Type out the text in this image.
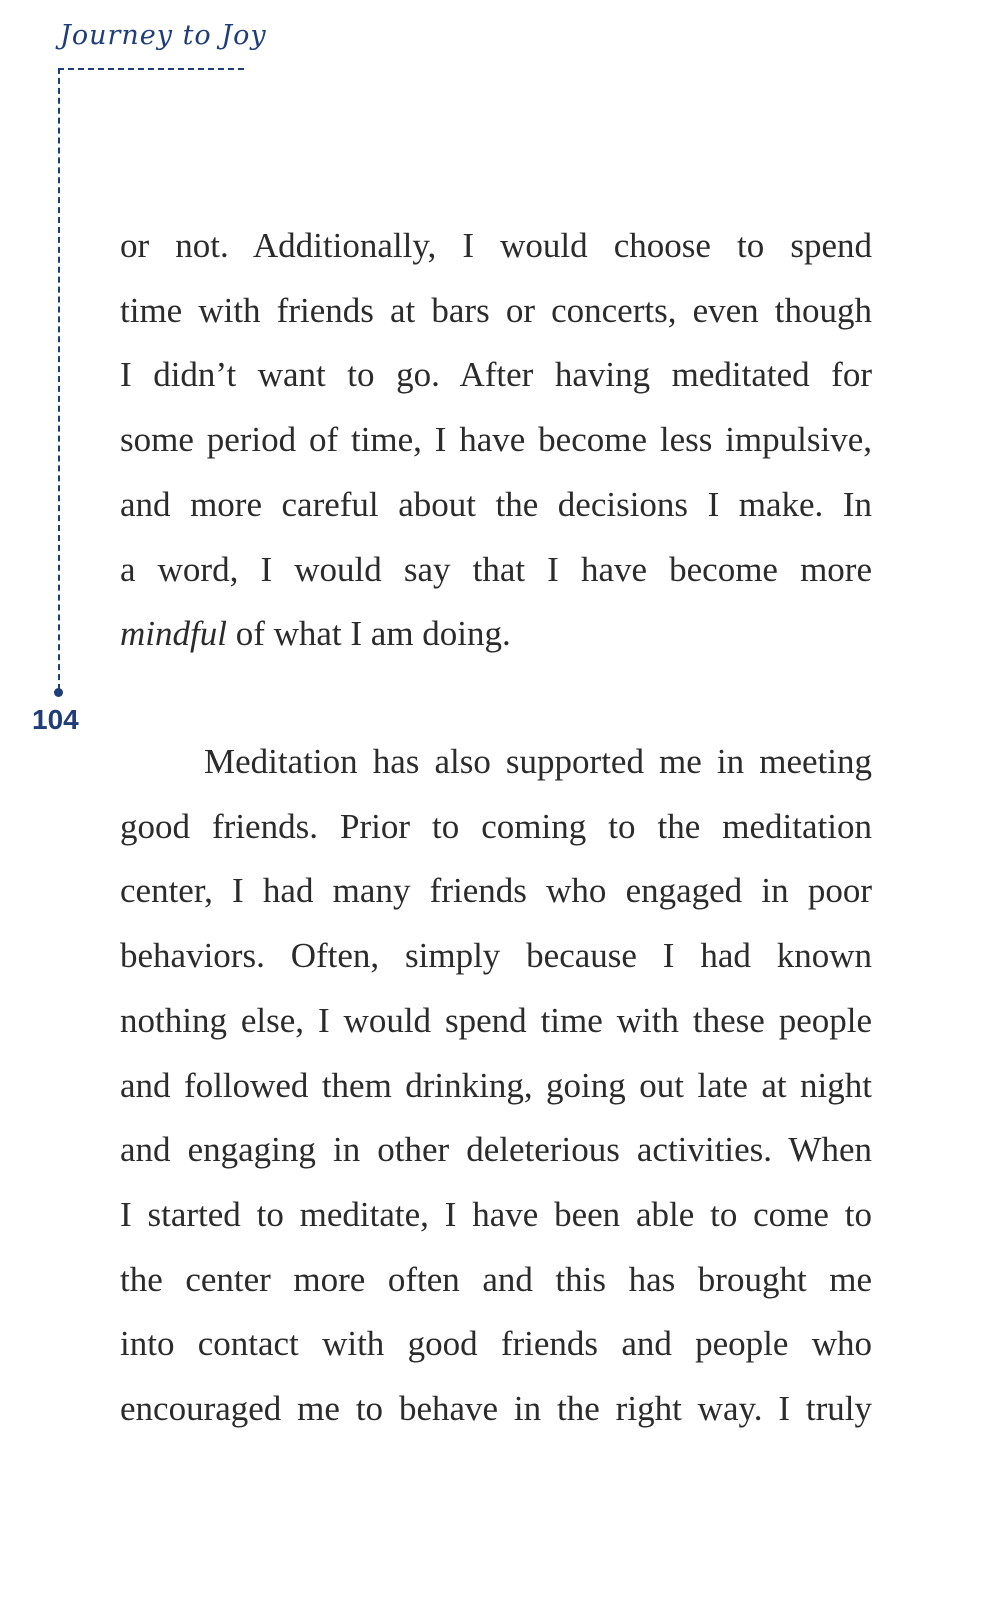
Journey to Joy
104

or not. Additionally, I would choose to spend
time with friends at bars or concerts, even though
I didn’t want to go. After having meditated for
some period of time, I have become less impulsive,
and more careful about the decisions I make. In
a word, I would say that I have become more
mindful of what I am doing.

Meditation has also supported me in meeting
good friends. Prior to coming to the meditation
center, I had many friends who engaged in poor
behaviors. Often, simply because I had known
nothing else, I would spend time with these people
and followed them drinking, going out late at night
and engaging in other deleterious activities. When
I started to meditate, I have been able to come to
the center more often and this has brought me
into contact with good friends and people who
encouraged me to behave in the right way. I truly
